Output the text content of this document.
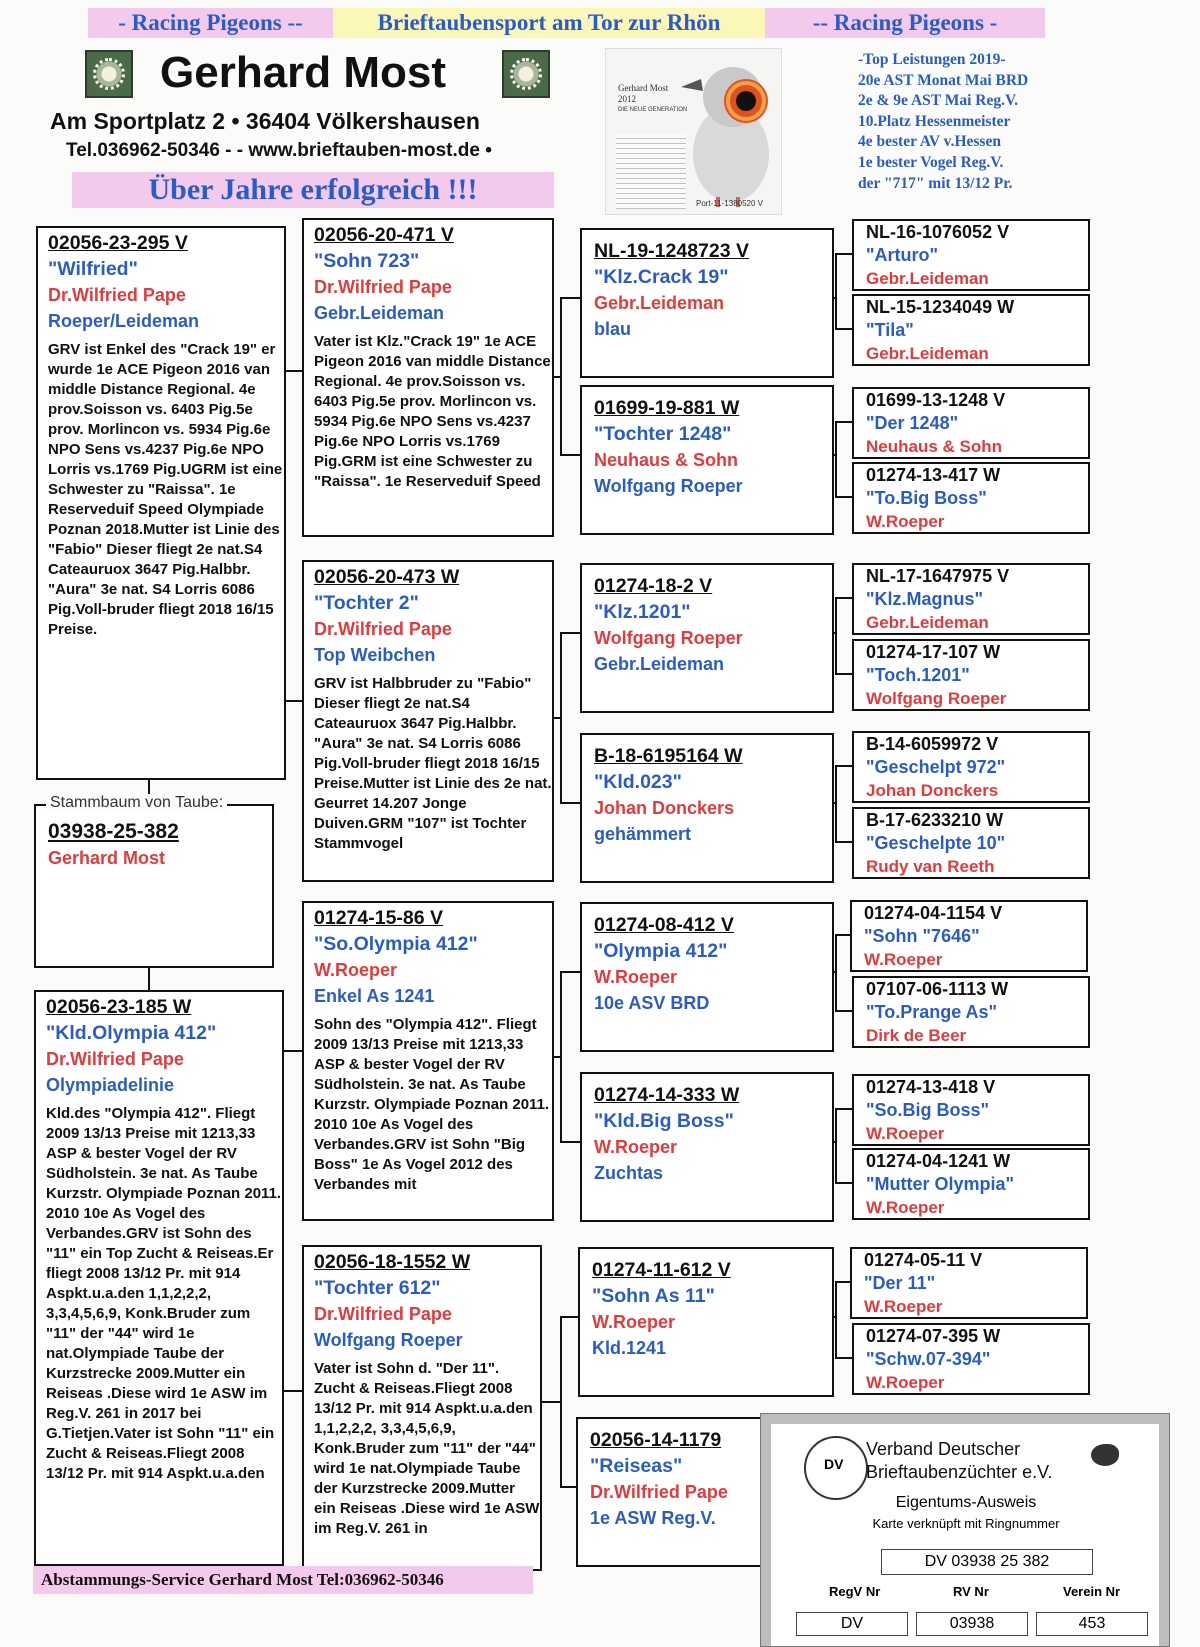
- Racing Pigeons --	Brieftaubensport am Tor zur Rhön	-- Racing Pigeons -
Gerhard Most
Am Sportplatz 2 • 36404 Völkershausen
Tel.036962-50346 - - www.brieftauben-most.de •
Über Jahre erfolgreich !!!
Gerhard Most
2012
DIE NEUE GENERATION
Port-11-1380520 V
-Top Leistungen 2019-
20e AST Monat Mai BRD
2e & 9e AST Mai Reg.V.
10.Platz Hessenmeister
4e bester AV v.Hessen
1e bester Vogel Reg.V.
der "717" mit 13/12 Pr.
02056-23-295 V
"Wilfried"
Dr.Wilfried Pape
Roeper/Leideman
GRV ist Enkel des "Crack 19" er wurde 1e ACE Pigeon 2016 van middle Distance Regional. 4e prov.Soisson vs. 6403 Pig.5e prov. Morlincon vs. 5934 Pig.6e NPO Sens vs.4237 Pig.6e NPO Lorris vs.1769 Pig.UGRM ist eine Schwester zu "Raissa". 1e Reserveduif Speed Olympiade Poznan 2018.Mutter ist Linie des "Fabio" Dieser fliegt 2e nat.S4 Cateauruox 3647 Pig.Halbbr. "Aura" 3e nat. S4 Lorris 6086 Pig.Voll-bruder fliegt 2018 16/15 Preise.
Stammbaum von Taube:
03938-25-382
Gerhard Most
02056-23-185 W
"Kld.Olympia 412"
Dr.Wilfried Pape
Olympiadelinie
Kld.des "Olympia 412". Fliegt 2009 13/13 Preise mit 1213,33 ASP & bester Vogel der RV Südholstein. 3e nat. As Taube Kurzstr. Olympiade Poznan 2011. 2010 10e As Vogel des Verbandes.GRV ist Sohn des "11" ein Top Zucht & Reiseas.Er fliegt 2008 13/12 Pr. mit 914 Aspkt.u.a.den 1,1,2,2,2, 3,3,4,5,6,9, Konk.Bruder zum "11" der "44" wird 1e nat.Olympiade Taube der Kurzstrecke 2009.Mutter ein Reiseas .Diese wird 1e ASW im Reg.V. 261 in 2017 bei G.Tietjen.Vater ist Sohn "11" ein Zucht & Reiseas.Fliegt 2008 13/12 Pr. mit 914 Aspkt.u.a.den
02056-20-471 V
"Sohn 723"
Dr.Wilfried Pape
Gebr.Leideman
Vater ist Klz."Crack 19" 1e ACE Pigeon 2016 van middle Distance Regional. 4e prov.Soisson vs. 6403 Pig.5e prov. Morlincon vs. 5934 Pig.6e NPO Sens vs.4237 Pig.6e NPO Lorris vs.1769 Pig.GRM ist eine Schwester zu "Raissa". 1e Reserveduif Speed
02056-20-473 W
"Tochter 2"
Dr.Wilfried Pape
Top Weibchen
GRV ist Halbbruder zu "Fabio" Dieser fliegt 2e nat.S4 Cateauruox 3647 Pig.Halbbr. "Aura" 3e nat. S4 Lorris 6086 Pig.Voll-bruder fliegt 2018 16/15 Preise.Mutter ist Linie des 2e nat. Geurret 14.207 Jonge Duiven.GRM "107" ist Tochter Stammvogel
01274-15-86 V
"So.Olympia 412"
W.Roeper
Enkel As 1241
Sohn des "Olympia 412". Fliegt 2009 13/13 Preise mit 1213,33 ASP & bester Vogel der RV Südholstein. 3e nat. As Taube Kurzstr. Olympiade Poznan 2011. 2010 10e As Vogel des Verbandes.GRV ist Sohn "Big Boss" 1e As Vogel 2012 des Verbandes mit
02056-18-1552 W
"Tochter 612"
Dr.Wilfried Pape
Wolfgang Roeper
Vater ist Sohn d. "Der 11". Zucht & Reiseas.Fliegt 2008 13/12 Pr. mit 914 Aspkt.u.a.den 1,1,2,2,2, 3,3,4,5,6,9, Konk.Bruder zum "11" der "44" wird 1e nat.Olympiade Taube der Kurzstrecke 2009.Mutter ein Reiseas .Diese wird 1e ASW im Reg.V. 261 in
NL-19-1248723 V
"Klz.Crack 19"
Gebr.Leideman
blau
01699-19-881 W
"Tochter 1248"
Neuhaus & Sohn
Wolfgang Roeper
01274-18-2 V
"Klz.1201"
Wolfgang Roeper
Gebr.Leideman
B-18-6195164 W
"Kld.023"
Johan Donckers
gehämmert
01274-08-412 V
"Olympia 412"
W.Roeper
10e ASV BRD
01274-14-333 W
"Kld.Big Boss"
W.Roeper
Zuchtas
01274-11-612 V
"Sohn As 11"
W.Roeper
Kld.1241
02056-14-1179
"Reiseas"
Dr.Wilfried Pape
1e ASW Reg.V.
NL-16-1076052 V
"Arturo"
Gebr.Leideman
NL-15-1234049 W
"Tila"
Gebr.Leideman
01699-13-1248 V
"Der 1248"
Neuhaus & Sohn
01274-13-417 W
"To.Big Boss"
W.Roeper
NL-17-1647975 V
"Klz.Magnus"
Gebr.Leideman
01274-17-107 W
"Toch.1201"
Wolfgang Roeper
B-14-6059972 V
"Geschelpt 972"
Johan Donckers
B-17-6233210 W
"Geschelpte 10"
Rudy van Reeth
01274-04-1154 V
"Sohn "7646"
W.Roeper
07107-06-1113 W
"To.Prange As"
Dirk de Beer
01274-13-418 V
"So.Big Boss"
W.Roeper
01274-04-1241 W
"Mutter Olympia"
W.Roeper
01274-05-11 V
"Der 11"
W.Roeper
01274-07-395 W
"Schw.07-394"
W.Roeper
Abstammungs-Service Gerhard Most Tel:036962-50346
DV
Verband Deutscher
Brieftaubenzüchter e.V.
Eigentums-Ausweis
Karte verknüpft mit Ringnummer
DV 03938 25 382
RegV Nr	RV Nr	Verein Nr
DV	03938	453
